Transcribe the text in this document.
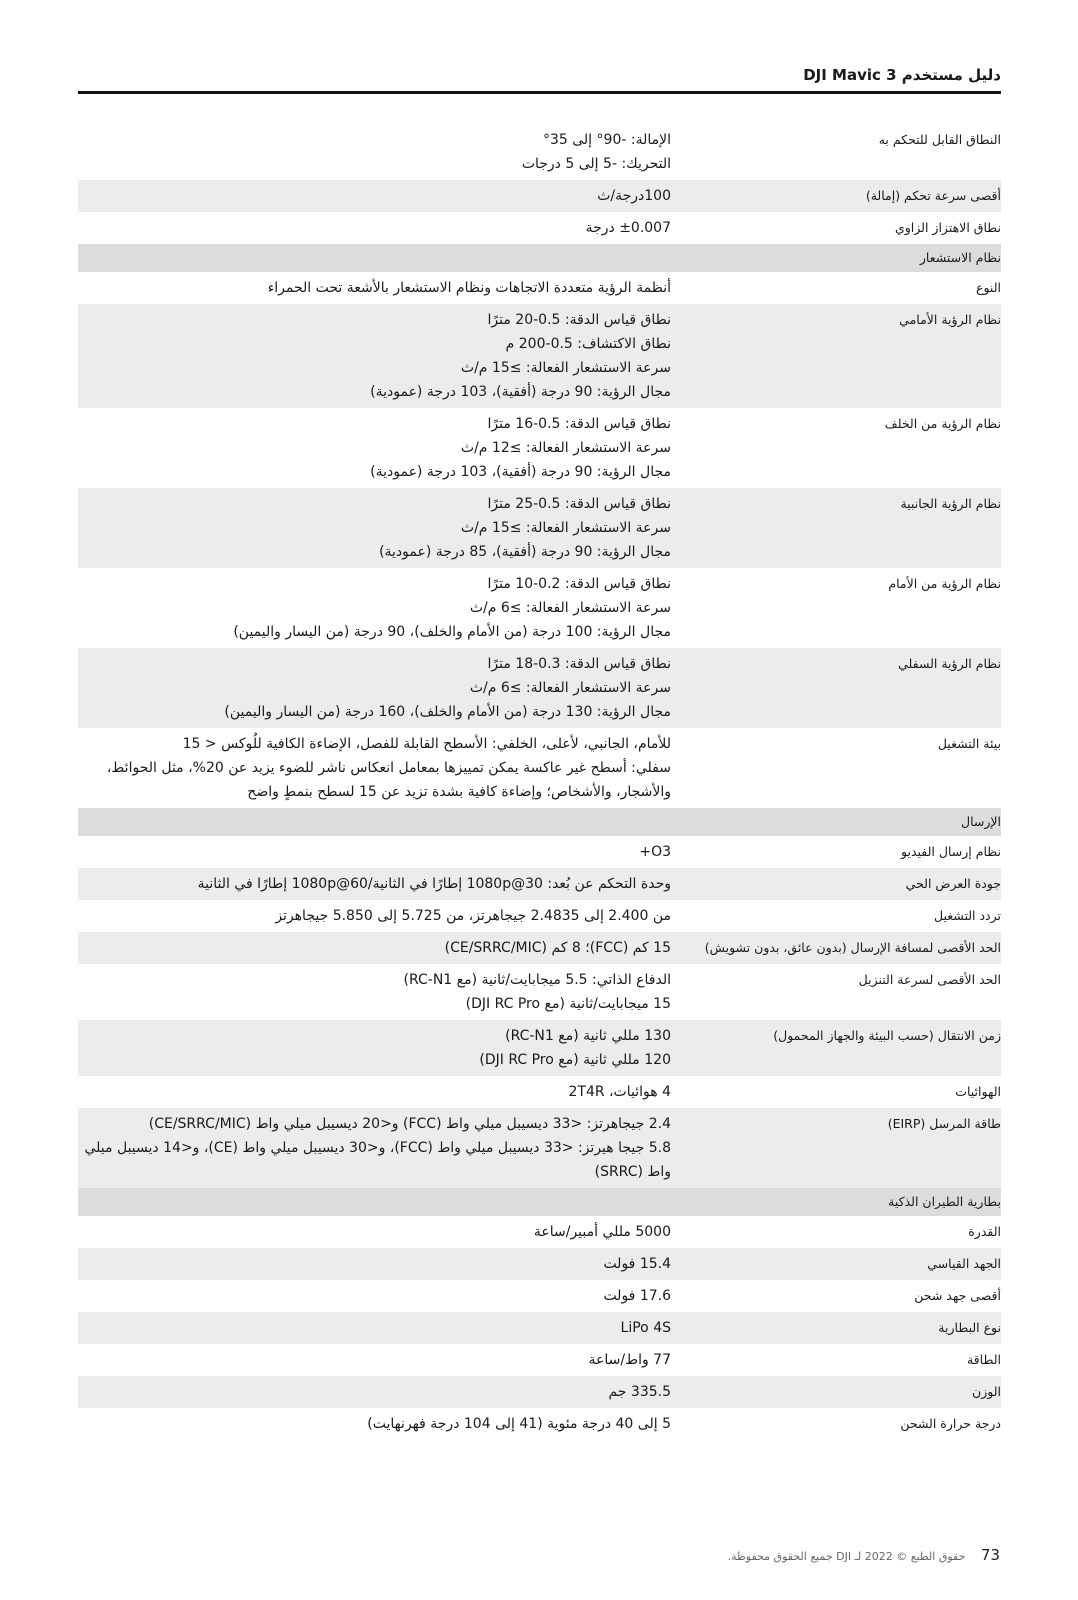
دليل مستخدم DJI Mavic 3
النطاق القابل للتحكم به	الإمالة: -90° إلى 35°
التحريك: -5 إلى 5 درجات

أقصى سرعة تحكم (إمالة)	100درجة/ث

نطاق الاهتزاز الزاوي	±0.007 درجة

نظام الاستشعار	
النوع	أنظمة الرؤية متعددة الاتجاهات ونظام الاستشعار بالأشعة تحت الحمراء

نظام الرؤية الأمامي	نطاق قياس الدقة: 0.5-20 مترًا
نطاق الاكتشاف: 0.5-200 م
سرعة الاستشعار الفعالة: ≥15 م/ث
مجال الرؤية: 90 درجة (أفقية)، 103 درجة (عمودية)

نظام الرؤية من الخلف	نطاق قياس الدقة: 0.5-16 مترًا
سرعة الاستشعار الفعالة: ≥12 م/ث
مجال الرؤية: 90 درجة (أفقية)، 103 درجة (عمودية)

نظام الرؤية الجانبية	نطاق قياس الدقة: 0.5-25 مترًا
سرعة الاستشعار الفعالة: ≥15 م/ث
مجال الرؤية: 90 درجة (أفقية)، 85 درجة (عمودية)

نظام الرؤية من الأمام	نطاق قياس الدقة: 0.2-10 مترًا
سرعة الاستشعار الفعالة: ≥6 م/ث
مجال الرؤية: 100 درجة (من الأمام والخلف)، 90 درجة (من اليسار واليمين)

نظام الرؤية السفلي	نطاق قياس الدقة: 0.3-18 مترًا
سرعة الاستشعار الفعالة: ≥6 م/ث
مجال الرؤية: 130 درجة (من الأمام والخلف)، 160 درجة (من اليسار واليمين)

بيئة التشغيل	للأمام، الجانبي، لأعلى، الخلفي: الأسطح القابلة للفصل، الإضاءة الكافية للُوكس < 15
سفلي: أسطح غير عاكسة يمكن تمييزها بمعامل انعكاس ناشر للضوء يزيد عن 20%، مثل الحوائط، والأشجار، والأشخاص؛ وإضاءة كافية بشدة تزيد عن 15 لسطح بنمطٍ واضح

الإرسال	
نظام إرسال الفيديو	O3+

جودة العرض الحي	وحدة التحكم عن بُعد: 1080p@30 إطارًا في الثانية/1080p@60 إطارًا في الثانية

تردد التشغيل	من 2.400 إلى 2.4835 جيجاهرتز، من 5.725 إلى 5.850 جيجاهرتز

الحد الأقصى لمسافة الإرسال (بدون عائق، بدون تشويش)	15 كم (FCC)؛ 8 كم (CE/SRRC/MIC)

الحد الأقصى لسرعة التنزيل	الدفاع الذاتي: 5.5 ميجابايت/ثانية (مع RC-N1)
15 ميجابايت/ثانية (مع DJI RC Pro)

زمن الانتقال (حسب البيئة والجهاز المحمول)	130 مللي ثانية (مع RC-N1)
120 مللي ثانية (مع DJI RC Pro)

الهوائيات	4 هوائيات، 2T4R

طاقة المرسل (EIRP)	2.4 جيجاهرتز: <33 ديسيبل ميلي واط (FCC) و<20 ديسيبل ميلي واط (CE/SRRC/MIC)
5.8 جيجا هيرتز: <33 ديسيبل ميلي واط (FCC)، و<30 ديسيبل ميلي واط (CE)، و<14 ديسيبل ميلي واط (SRRC)

بطارية الطيران الذكية	
القدرة	5000 مللي أمبير/ساعة

الجهد القياسي	15.4 فولت

أقصى جهد شحن	17.6 فولت

نوع البطارية	LiPo 4S

الطاقة	77 واط/ساعة

الوزن	335.5 جم

درجة حرارة الشحن	5 إلى 40 درجة مئوية (41 إلى 104 درجة فهرنهايت)
73 حقوق الطبع © 2022 لـ DJI جميع الحقوق محفوظة.
